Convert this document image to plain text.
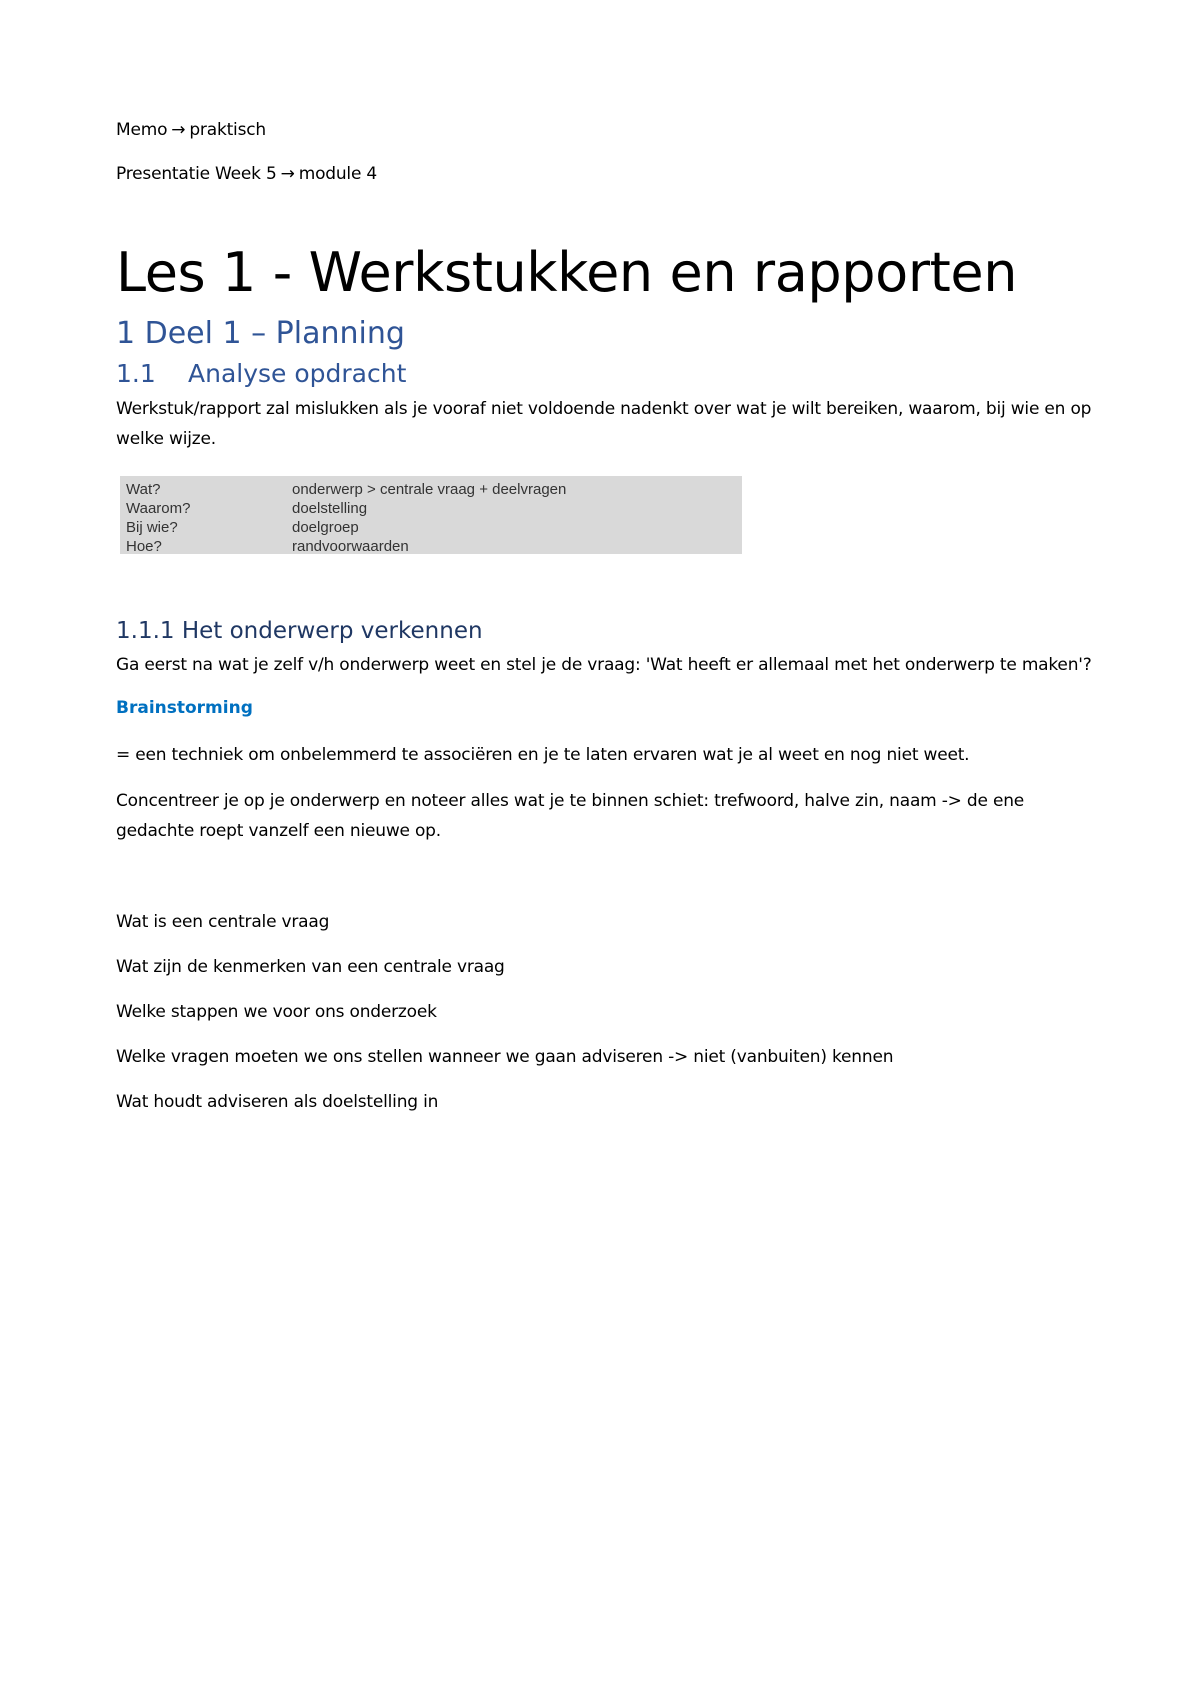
Memo → praktisch

Presentatie Week 5 → module 4

Les 1 - Werkstukken en rapporten
1 Deel 1 – Planning
1.1 Analyse opdracht

Werkstuk/rapport zal mislukken als je vooraf niet voldoende nadenkt over wat je wilt bereiken, waarom, bij wie en op welke wijze.

Wat?	onderwerp > centrale vraag + deelvragen
Waarom?	doelstelling
Bij wie?	doelgroep
Hoe?	randvoorwaarden
1.1.1 Het onderwerp verkennen

Ga eerst na wat je zelf v/h onderwerp weet en stel je de vraag: 'Wat heeft er allemaal met het onderwerp te maken'?

Brainstorming

= een techniek om onbelemmerd te associëren en je te laten ervaren wat je al weet en nog niet weet.

Concentreer je op je onderwerp en noteer alles wat je te binnen schiet: trefwoord, halve zin, naam -> de ene gedachte roept vanzelf een nieuwe op.

Wat is een centrale vraag

Wat zijn de kenmerken van een centrale vraag

Welke stappen we voor ons onderzoek

Welke vragen moeten we ons stellen wanneer we gaan adviseren -> niet (vanbuiten) kennen

Wat houdt adviseren als doelstelling in
